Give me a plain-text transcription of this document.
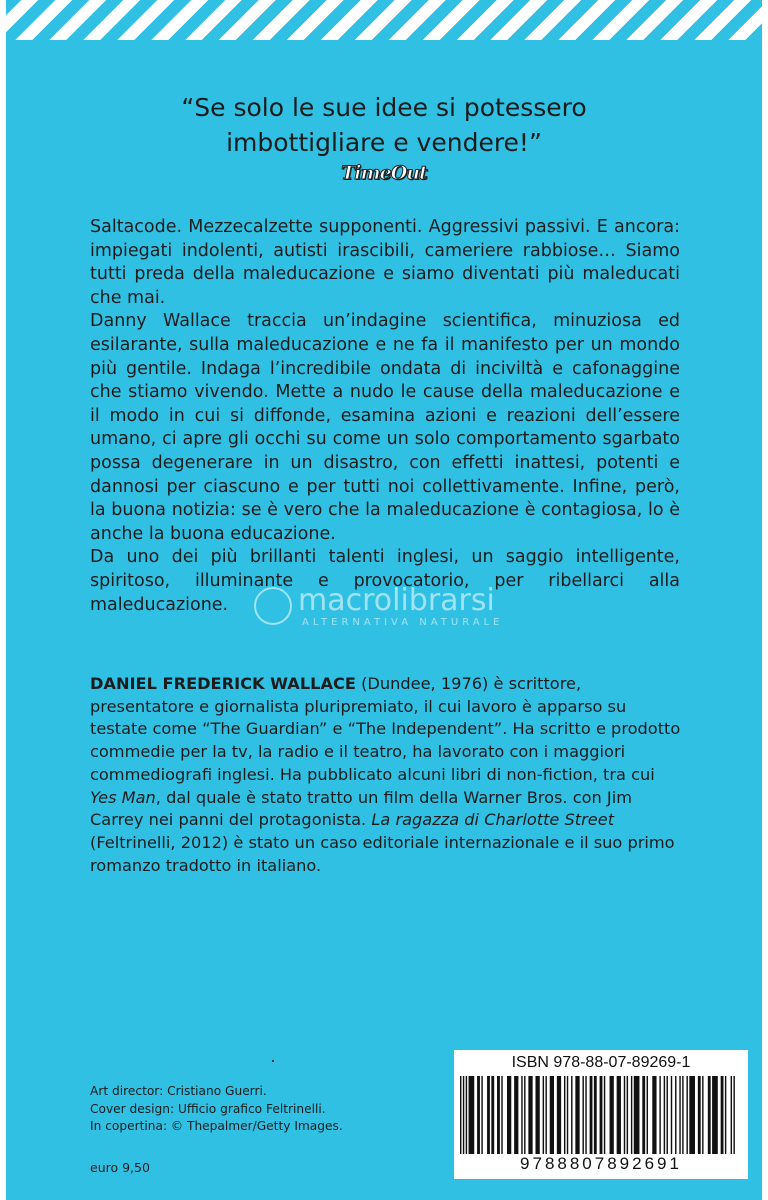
“Se solo le sue idee si potessero
imbottigliare e vendere!”
TimeOut

Saltacode. Mezzecalzette supponenti. Aggressivi passivi. E ancora: impiegati indolenti, autisti irascibili, cameriere rabbiose… Siamo tutti preda della maleducazione e siamo diventati più maleducati che mai.

Danny Wallace traccia un’indagine scientifica, minuziosa ed esilarante, sulla maleducazione e ne fa il manifesto per un mondo più gentile. Indaga l’incredibile ondata di inciviltà e cafonaggine che stiamo vivendo. Mette a nudo le cause della maleducazione e il modo in cui si diffonde, esamina azioni e reazioni dell’essere umano, ci apre gli occhi su come un solo comportamento sgarbato possa degenerare in un disastro, con effetti inattesi, potenti e dannosi per ciascuno e per tutti noi collettivamente. Infine, però, la buona notizia: se è vero che la maleducazione è contagiosa, lo è anche la buona educazione.

Da uno dei più brillanti talenti inglesi, un saggio intelligente, spiritoso, illuminante e provocatorio, per ribellarci alla maleducazione.	macrolibrarsi
ALTERNATIVA NATURALE
DANIEL FREDERICK WALLACE (Dundee, 1976) è scrittore, presentatore e giornalista pluripremiato, il cui lavoro è apparso su testate come “The Guardian” e “The Independent”. Ha scritto e prodotto commedie per la tv, la radio e il teatro, ha lavorato con i maggiori commediografi inglesi. Ha pubblicato alcuni libri di non-fiction, tra cui Yes Man, dal quale è stato tratto un film della Warner Bros. con Jim Carrey nei panni del protagonista. La ragazza di Charlotte Street (Feltrinelli, 2012) è stato un caso editoriale internazionale e il suo primo romanzo tradotto in italiano.
Art director: Cristiano Guerri.
Cover design: Ufficio grafico Feltrinelli.
In copertina: © Thepalmer/Getty Images.
euro 9,50
ISBN 978-88-07-89269-1
9788807892691
